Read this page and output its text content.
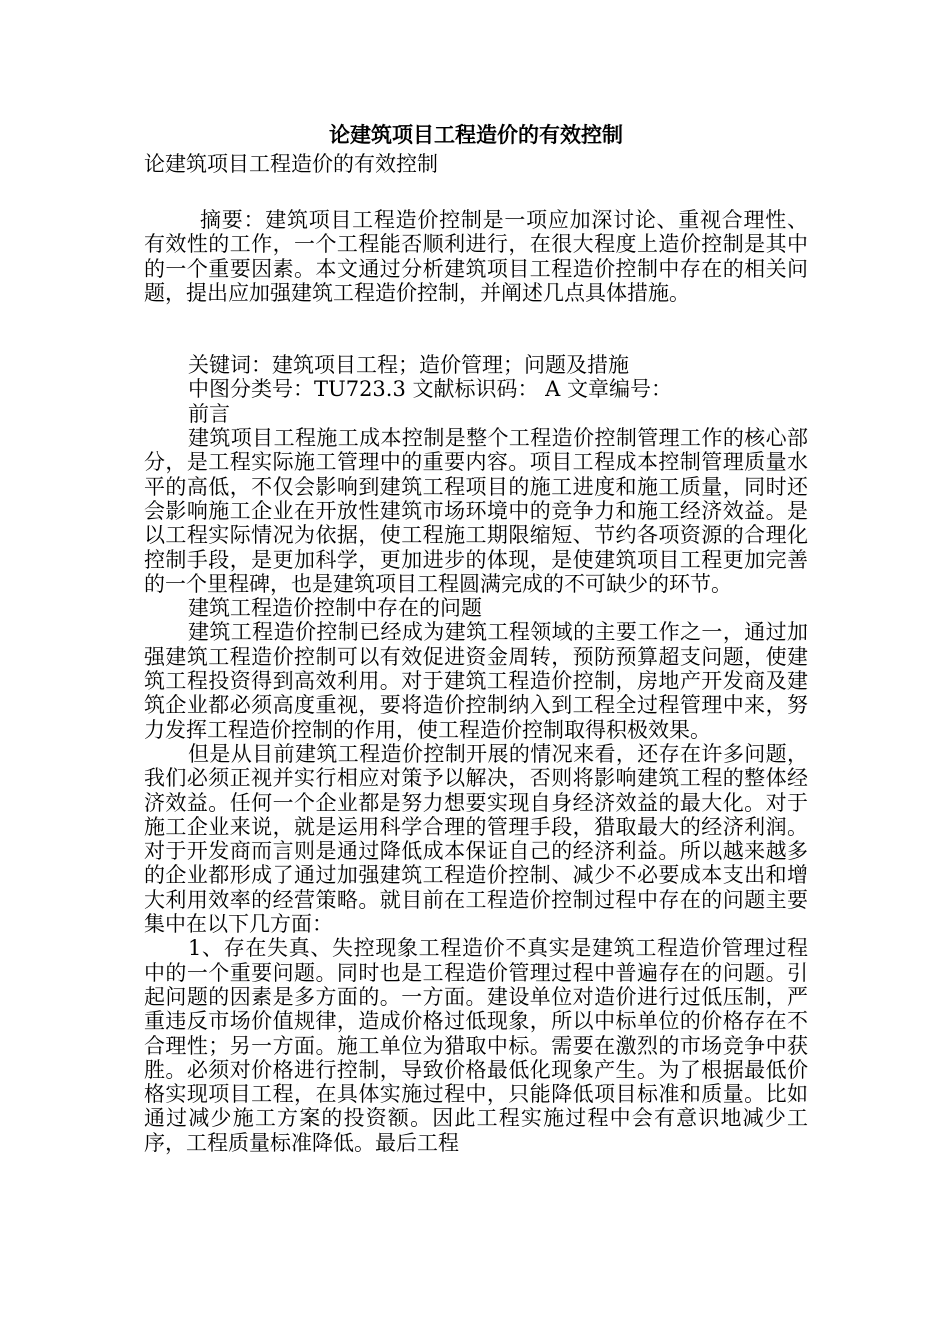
论建筑项目工程造价的有效控制
论建筑项目工程造价的有效控制

摘要：建筑项目工程造价控制是一项应加深讨论、重视合理性、有效性的工作，一个工程能否顺利进行，在很大程度上造价控制是其中的一个重要因素。本文通过分析建筑项目工程造价控制中存在的相关问题，提出应加强建筑工程造价控制，并阐述几点具体措施。

关键词：建筑项目工程；造价管理；问题及措施

中图分类号：TU723.3 文献标识码： A 文章编号：

前言

建筑项目工程施工成本控制是整个工程造价控制管理工作的核心部分，是工程实际施工管理中的重要内容。项目工程成本控制管理质量水平的高低，不仅会影响到建筑工程项目的施工进度和施工质量，同时还会影响施工企业在开放性建筑市场环境中的竞争力和施工经济效益。是以工程实际情况为依据，使工程施工期限缩短、节约各项资源的合理化控制手段，是更加科学，更加进步的体现，是使建筑项目工程更加完善的一个里程碑，也是建筑项目工程圆满完成的不可缺少的环节。

建筑工程造价控制中存在的问题

建筑工程造价控制已经成为建筑工程领域的主要工作之一，通过加强建筑工程造价控制可以有效促进资金周转，预防预算超支问题，使建筑工程投资得到高效利用。对于建筑工程造价控制，房地产开发商及建筑企业都必须高度重视，要将造价控制纳入到工程全过程管理中来，努力发挥工程造价控制的作用，使工程造价控制取得积极效果。

但是从目前建筑工程造价控制开展的情况来看，还存在许多问题，我们必须正视并实行相应对策予以解决，否则将影响建筑工程的整体经济效益。任何一个企业都是努力想要实现自身经济效益的最大化。对于施工企业来说，就是运用科学合理的管理手段，猎取最大的经济利润。对于开发商而言则是通过降低成本保证自己的经济利益。所以越来越多的企业都形成了通过加强建筑工程造价控制、减少不必要成本支出和增大利用效率的经营策略。就目前在工程造价控制过程中存在的问题主要集中在以下几方面：

1、存在失真、失控现象工程造价不真实是建筑工程造价管理过程中的一个重要问题。同时也是工程造价管理过程中普遍存在的问题。引起问题的因素是多方面的。一方面。建设单位对造价进行过低压制，严重违反市场价值规律，造成价格过低现象，所以中标单位的价格存在不合理性；另一方面。施工单位为猎取中标。需要在激烈的市场竞争中获胜。必须对价格进行控制，导致价格最低化现象产生。为了根据最低价格实现项目工程，在具体实施过程中，只能降低项目标准和质量。比如通过减少施工方案的投资额。因此工程实施过程中会有意识地减少工序，工程质量标准降低。最后工程
